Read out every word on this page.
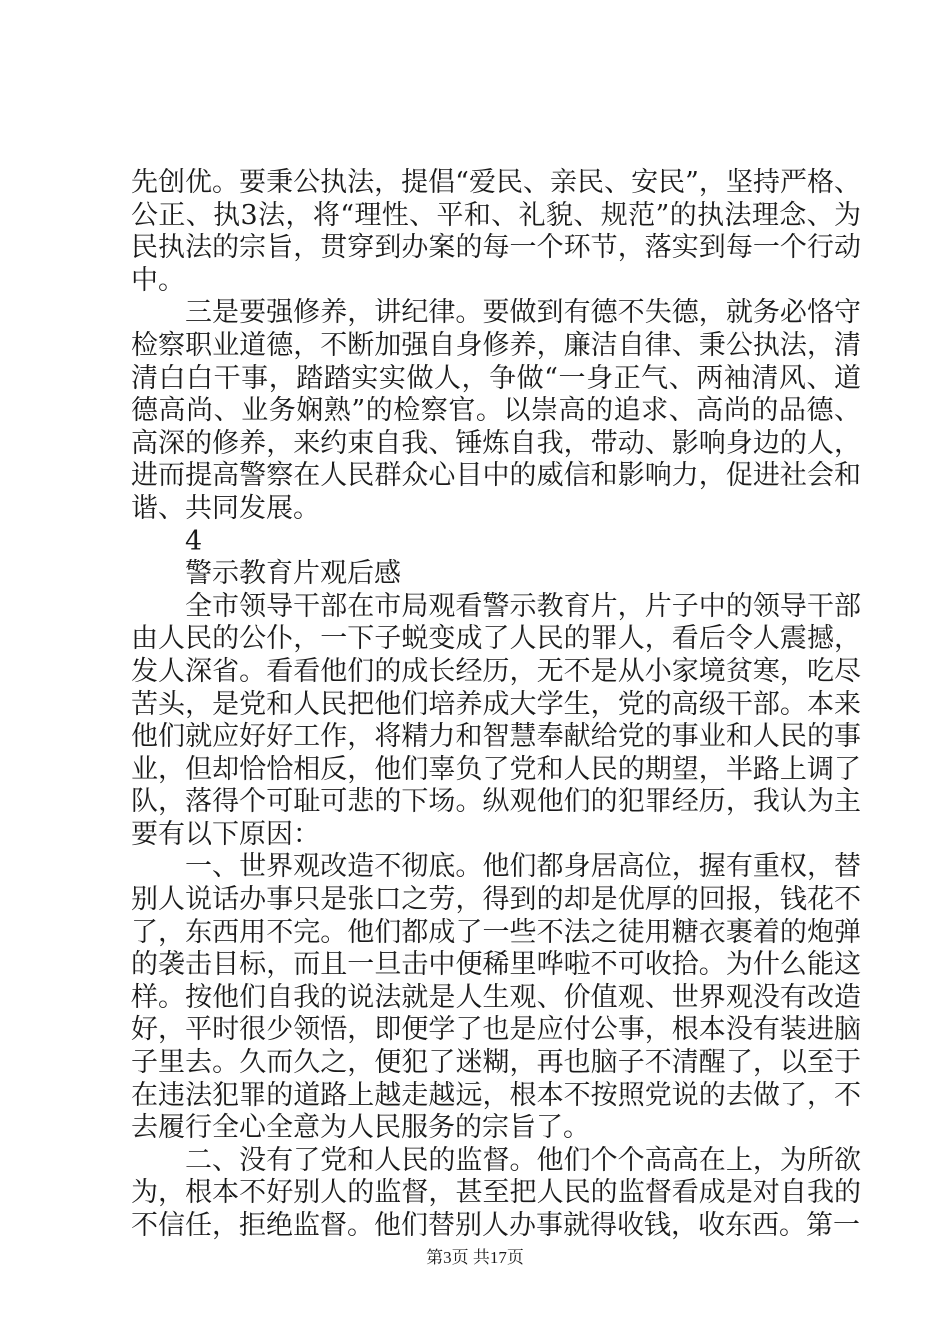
先创优。要秉公执法，提倡“爱民、亲民、安民”，坚持严格、公正、执3法，将“理性、平和、礼貌、规范”的执法理念、为民执法的宗旨，贯穿到办案的每一个环节，落实到每一个行动中。

三是要强修养，讲纪律。要做到有德不失德，就务必恪守检察职业道德，不断加强自身修养，廉洁自律、秉公执法，清清白白干事，踏踏实实做人，争做“一身正气、两袖清风、道德高尚、业务娴熟”的检察官。以崇高的追求、高尚的品德、高深的修养，来约束自我、锤炼自我，带动、影响身边的人，进而提高警察在人民群众心目中的威信和影响力，促进社会和谐、共同发展。

4

警示教育片观后感

全市领导干部在市局观看警示教育片，片子中的领导干部由人民的公仆，一下子蜕变成了人民的罪人，看后令人震撼，发人深省。看看他们的成长经历，无不是从小家境贫寒，吃尽苦头，是党和人民把他们培养成大学生，党的高级干部。本来他们就应好好工作，将精力和智慧奉献给党的事业和人民的事业，但却恰恰相反，他们辜负了党和人民的期望，半路上调了队，落得个可耻可悲的下场。纵观他们的犯罪经历，我认为主要有以下原因：

一、世界观改造不彻底。他们都身居高位，握有重权，替别人说话办事只是张口之劳，得到的却是优厚的回报，钱花不了，东西用不完。他们都成了一些不法之徒用糖衣裹着的炮弹的袭击目标，而且一旦击中便稀里哗啦不可收拾。为什么能这样。按他们自我的说法就是人生观、价值观、世界观没有改造好，平时很少领悟，即便学了也是应付公事，根本没有装进脑子里去。久而久之，便犯了迷糊，再也脑子不清醒了，以至于在违法犯罪的道路上越走越远，根本不按照党说的去做了，不去履行全心全意为人民服务的宗旨了。

二、没有了党和人民的监督。他们个个高高在上，为所欲为，根本不好别人的监督，甚至把人民的监督看成是对自我的不信任，拒绝监督。他们替别人办事就得收钱，收东西。第一

第3页 共17页
